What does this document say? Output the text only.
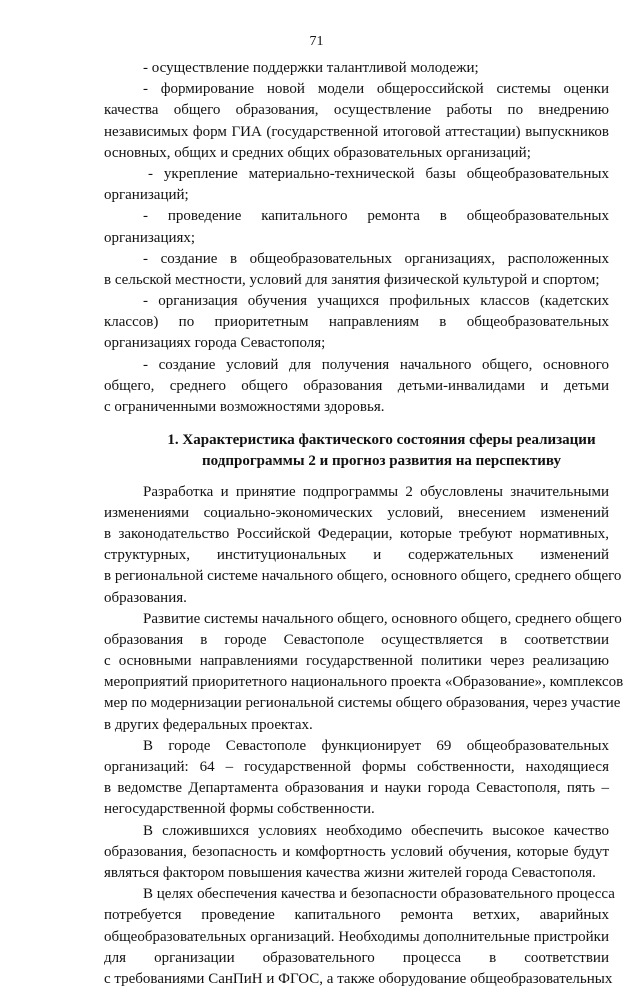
71
- осуществление поддержки талантливой молодежи;
- формирование новой модели общероссийской системы оценки
качества общего образования, осуществление работы по внедрению
независимых форм ГИА (государственной итоговой аттестации) выпускников
основных, общих и средних общих образовательных организаций;
- укрепление материально-технической базы общеобразовательных
организаций;
- проведение капитального ремонта в общеобразовательных
организациях;
- создание в общеобразовательных организациях, расположенных
в сельской местности, условий для занятия физической культурой и спортом;
- организация обучения учащихся профильных классов (кадетских
классов) по приоритетным направлениям в общеобразовательных
организациях города Севастополя;
- создание условий для получения начального общего, основного
общего, среднего общего образования детьми-инвалидами и детьми
с ограниченными возможностями здоровья.
1. Характеристика фактического состояния сферы реализации
подпрограммы 2 и прогноз развития на перспективу
Разработка и принятие подпрограммы 2 обусловлены значительными
изменениями социально-экономических условий, внесением изменений
в законодательство Российской Федерации, которые требуют нормативных,
структурных, институциональных и содержательных изменений
в региональной системе начального общего, основного общего, среднего общего
образования.
Развитие системы начального общего, основного общего, среднего общего
образования в городе Севастополе осуществляется в соответствии
с основными направлениями государственной политики через реализацию
мероприятий приоритетного национального проекта «Образование», комплексов
мер по модернизации региональной системы общего образования, через участие
в других федеральных проектах.
В городе Севастополе функционирует 69 общеобразовательных
организаций: 64 – государственной формы собственности, находящиеся
в ведомстве Департамента образования и науки города Севастополя, пять –
негосударственной формы собственности.
В сложившихся условиях необходимо обеспечить высокое качество
образования, безопасность и комфортность условий обучения, которые будут
являться фактором повышения качества жизни жителей города Севастополя.
В целях обеспечения качества и безопасности образовательного процесса
потребуется проведение капитального ремонта ветхих, аварийных
общеобразовательных организаций. Необходимы дополнительные пристройки
для организации образовательного процесса в соответствии
с требованиями СанПиН и ФГОС, а также оборудование общеобразовательных
